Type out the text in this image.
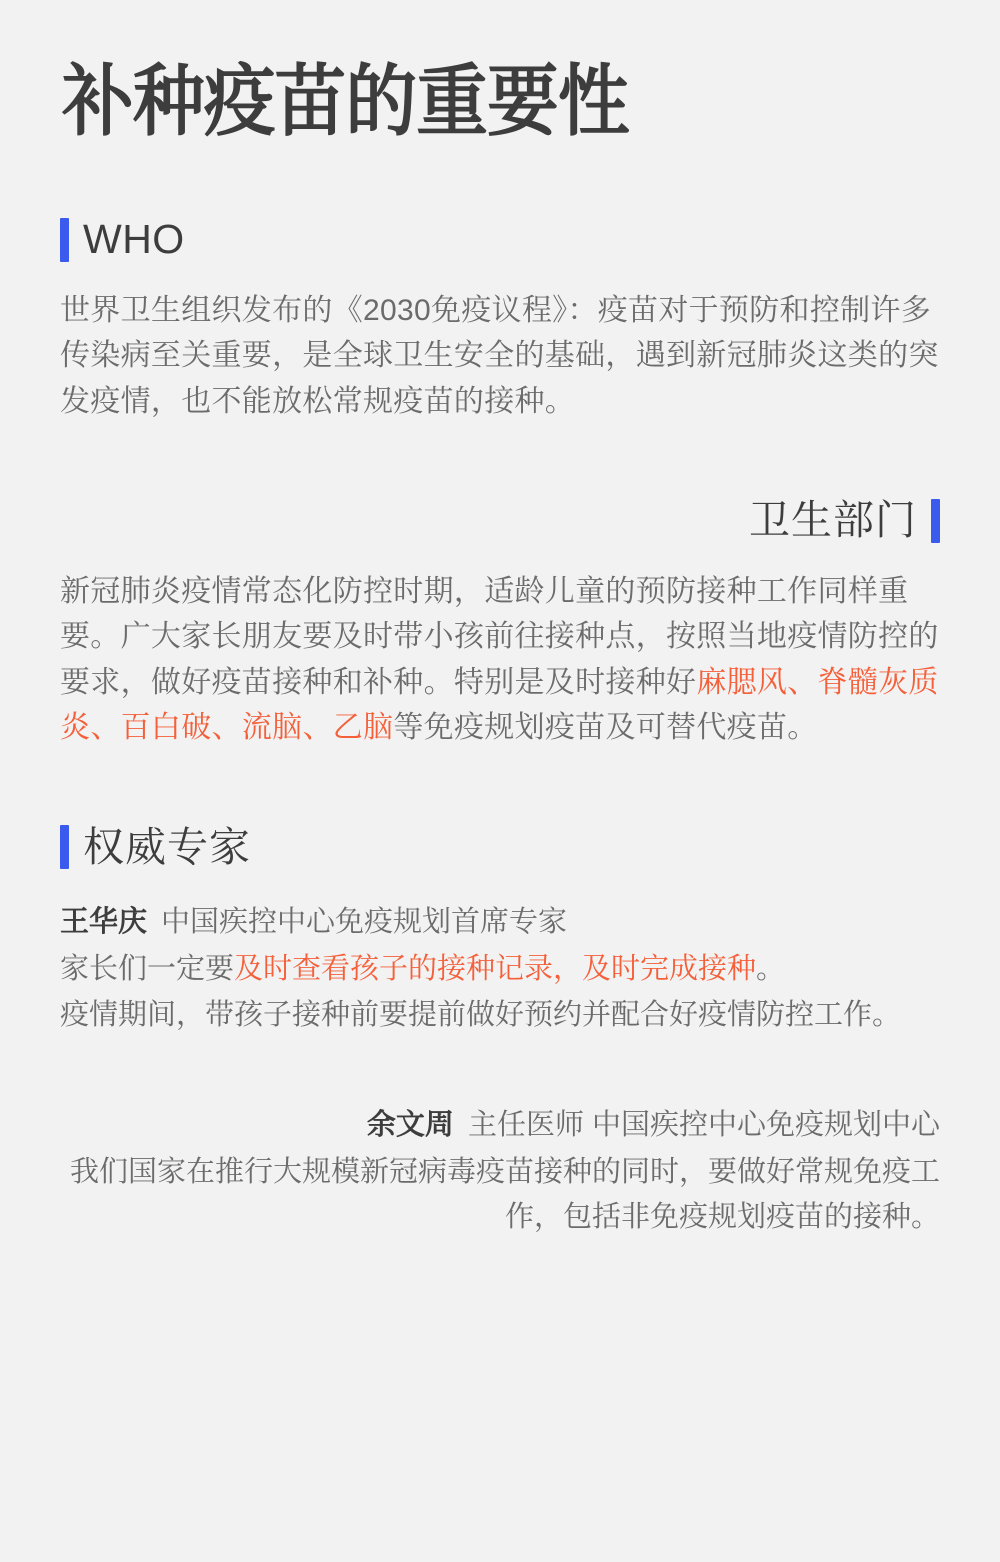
补种疫苗的重要性
WHO

世界卫生组织发布的《2030免疫议程》：疫苗对于预防和控制许多传染病至关重要，是全球卫生安全的基础，遇到新冠肺炎这类的突发疫情，也不能放松常规疫苗的接种。

卫生部门

新冠肺炎疫情常态化防控时期，适龄儿童的预防接种工作同样重要。广大家长朋友要及时带小孩前往接种点，按照当地疫情防控的要求，做好疫苗接种和补种。特别是及时接种好麻腮风、脊髓灰质炎、百白破、流脑、乙脑等免疫规划疫苗及可替代疫苗。

权威专家
王华庆 中国疾控中心免疫规划首席专家
家长们一定要及时查看孩子的接种记录，及时完成接种。
疫情期间，带孩子接种前要提前做好预约并配合好疫情防控工作。
余文周 主任医师 中国疾控中心免疫规划中心
我们国家在推行大规模新冠病毒疫苗接种的同时，要做好常规免疫工作，包括非免疫规划疫苗的接种。
